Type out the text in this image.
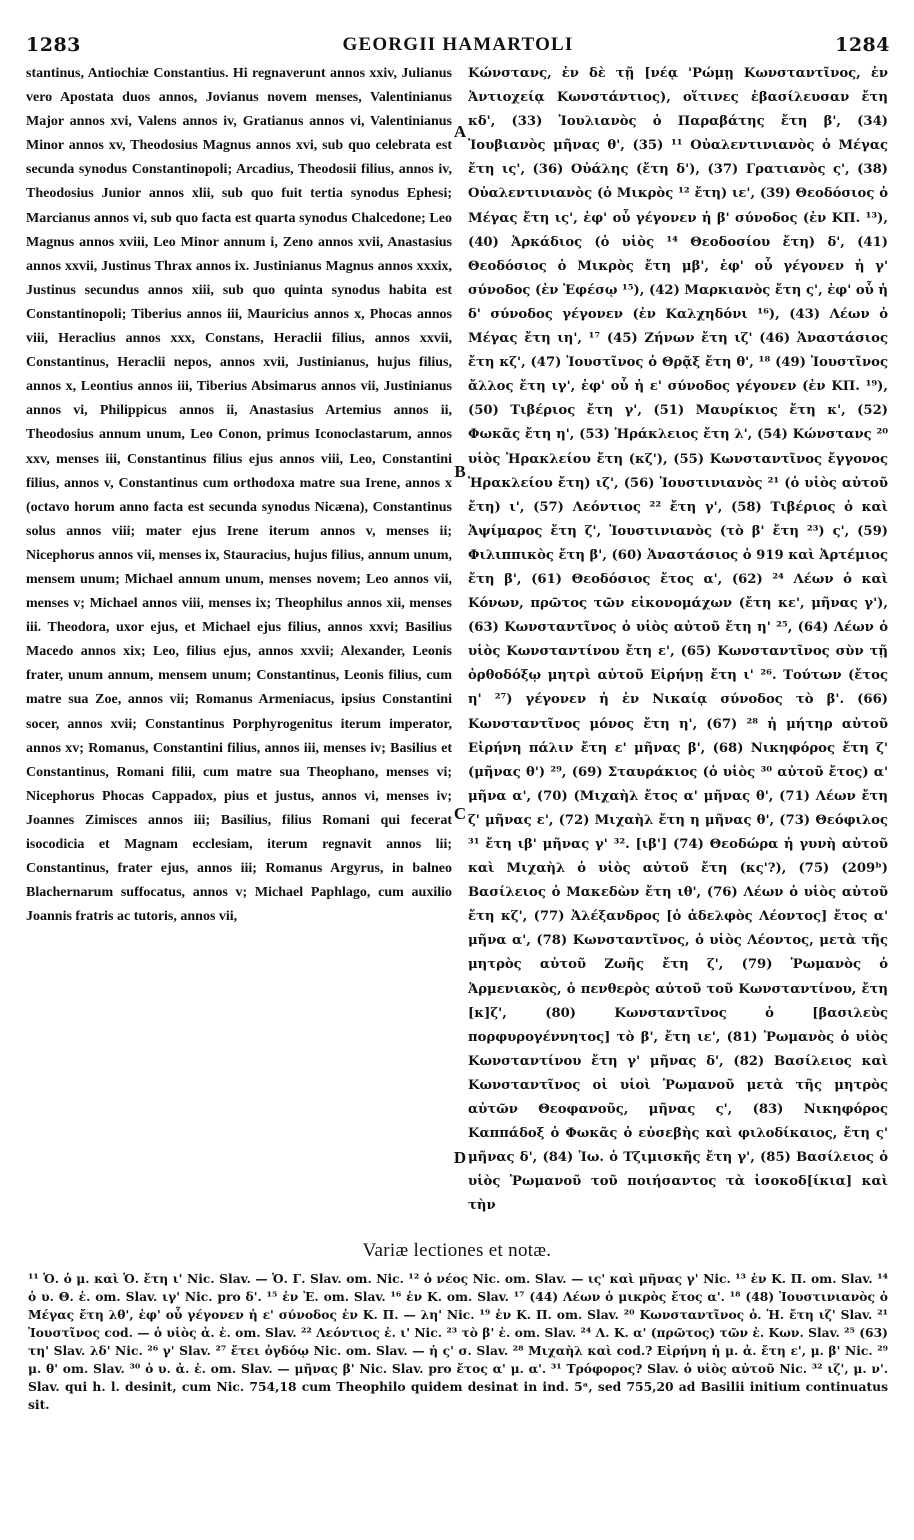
1283	GEORGII HAMARTOLI	1284

stantinus, Antiochiæ Constantius. Hi regnaverunt annos xxiv, Julianus vero Apostata duos annos, Jovianus novem menses, Valentinianus Major annos xvi, Valens annos iv, Gratianus annos vi, Valentinianus Minor annos xv, Theodosius Magnus annos xvi, sub quo celebrata est secunda synodus Constantinopoli; Arcadius, Theodosii filius, annos iv, Theodosius Junior annos xlii, sub quo fuit tertia synodus Ephesi; Marcianus annos vi, sub quo facta est quarta synodus Chalcedone; Leo Magnus annos xviii, Leo Minor annum i, Zeno annos xvii, Anastasius annos xxvii, Justinus Thrax annos ix. Justinianus Magnus annos xxxix, Justinus secundus annos xiii, sub quo quinta synodus habita est Constantinopoli; Tiberius annos iii, Mauricius annos x, Phocas annos viii, Heraclius annos xxx, Constans, Heraclii filius, annos xxvii, Constantinus, Heraclii nepos, annos xvii, Justinianus, hujus filius, annos x, Leontius annos iii, Tiberius Absimarus annos vii, Justinianus annos vi, Philippicus annos ii, Anastasius Artemius annos ii, Theodosius annum unum, Leo Conon, primus Iconoclastarum, annos xxv, menses iii, Constantinus filius ejus annos viii, Leo, Constantini filius, annos v, Constantinus cum orthodoxa matre sua Irene, annos x (octavo horum anno facta est secunda synodus Nicæna), Constantinus solus annos viii; mater ejus Irene iterum annos v, menses ii; Nicephorus annos vii, menses ix, Stauracius, hujus filius, annum unum, mensem unum; Michael annum unum, menses novem; Leo annos vii, menses v; Michael annos viii, menses ix; Theophilus annos xii, menses iii. Theodora, uxor ejus, et Michael ejus filius, annos xxvi; Basilius Macedo annos xix; Leo, filius ejus, annos xxvii; Alexander, Leonis frater, unum annum, mensem unum; Constantinus, Leonis filius, cum matre sua Zoe, annos vii; Romanus Armeniacus, ipsius Constantini socer, annos xvii; Constantinus Porphyrogenitus iterum imperator, annos xv; Romanus, Constantini filius, annos iii, menses iv; Basilius et Constantinus, Romani filii, cum matre sua Theophano, menses vi; Nicephorus Phocas Cappadox, pius et justus, annos vi, menses iv; Joannes Zimisces annos iii; Basilius, filius Romani qui fecerat isocodicia et Magnam ecclesiam, iterum regnavit annos lii; Constantinus, frater ejus, annos iii; Romanus Argyrus, in balneo Blachernarum suffocatus, annos v; Michael Paphlago, cum auxilio Joannis fratris ac tutoris, annos vii,

A
B
C
D

Κώνστανς, ἐν δὲ τῇ [νέᾳ 'Ρώμῃ Κωνσταντῖνος, ἐν Ἀντιοχείᾳ Κωνστάντιος), οἵτινες ἐβασίλευσαν ἔτη κδ', (33) Ἰουλιανὸς ὁ Παραβάτης ἔτη β', (34) Ἰουβιανὸς μῆνας θ', (35) ¹¹ Οὐαλεντινιανὸς ὁ Μέγας ἔτη ις', (36) Οὐάλης (ἔτη δ'), (37) Γρατιανὸς ς', (38) Οὐαλεντινιανὸς (ὁ Μικρὸς ¹² ἔτη) ιε', (39) Θεοδόσιος ὁ Μέγας ἔτη ις', ἐφ' οὗ γέγονεν ἡ β' σύνοδος (ἐν ΚΠ. ¹³), (40) Ἀρκάδιος (ὁ υἱὸς ¹⁴ Θεοδοσίου ἔτη) δ', (41) Θεοδόσιος ὁ Μικρὸς ἔτη μβ', ἐφ' οὗ γέγονεν ἡ γ' σύνοδος (ἐν Ἐφέσῳ ¹⁵), (42) Μαρκιανὸς ἔτη ς', ἐφ' οὗ ἡ δ' σύνοδος γέγονεν (ἐν Καλχηδόνι ¹⁶), (43) Λέων ὁ Μέγας ἔτη ιη', ¹⁷ (45) Ζήνων ἔτη ιζ' (46) Ἀναστάσιος ἔτη κζ', (47) Ἰουστῖνος ὁ Θρᾷξ ἔτη θ', ¹⁸ (49) Ἰουστῖνος ἄλλος ἔτη ιγ', ἐφ' οὗ ἡ ε' σύνοδος γέγονεν (ἐν ΚΠ. ¹⁹), (50) Τιβέριος ἔτη γ', (51) Μαυρίκιος ἔτη κ', (52) Φωκᾶς ἔτη η', (53) Ἡράκλειος ἔτη λ', (54) Κώνστανς ²⁰ υἱὸς Ἡρακλείου ἔτη (κζ'), (55) Κωνσταντῖνος ἔγγονος Ἡρακλείου ἔτη) ιζ', (56) Ἰουστινιανὸς ²¹ (ὁ υἱὸς αὐτοῦ ἔτη) ι', (57) Λεόντιος ²² ἔτη γ', (58) Τιβέριος ὁ καὶ Ἀψίμαρος ἔτη ζ', Ἰουστινιανὸς (τὸ β' ἔτη ²³) ς', (59) Φιλιππικὸς ἔτη β', (60) Ἀναστάσιος ὁ 919 καὶ Ἀρτέμιος ἔτη β', (61) Θεοδόσιος ἔτος α', (62) ²⁴ Λέων ὁ καὶ Κόνων, πρῶτος τῶν εἰκονομάχων (ἔτη κε', μῆνας γ'), (63) Κωνσταντῖνος ὁ υἱὸς αὐτοῦ ἔτη η' ²⁵, (64) Λέων ὁ υἱὸς Κωνσταντίνου ἔτη ε', (65) Κωνσταντῖνος σὺν τῇ ὀρθοδόξῳ μητρὶ αὐτοῦ Εἰρήνῃ ἔτη ι' ²⁶. Τούτων (ἔτος η' ²⁷) γέγονεν ἡ ἐν Νικαίᾳ σύνοδος τὸ β'. (66) Κωνσταντῖνος μόνος ἔτη η', (67) ²⁸ ἡ μήτηρ αὐτοῦ Εἰρήνη πάλιν ἔτη ε' μῆνας β', (68) Νικηφόρος ἔτη ζ' (μῆνας θ') ²⁹, (69) Σταυράκιος (ὁ υἱὸς ³⁰ αὐτοῦ ἔτος) α' μῆνα α', (70) (Μιχαὴλ ἔτος α' μῆνας θ', (71) Λέων ἔτη ζ' μῆνας ε', (72) Μιχαὴλ ἔτη η μῆνας θ', (73) Θεόφιλος ³¹ ἔτη ιβ' μῆνας γ' ³². [ιβ'] (74) Θεοδώρα ἡ γυνὴ αὐτοῦ καὶ Μιχαὴλ ὁ υἱὸς αὐτοῦ ἔτη (κς'?), (75) (209ᵇ) Βασίλειος ὁ Μακεδὼν ἔτη ιθ', (76) Λέων ὁ υἱὸς αὐτοῦ ἔτη κζ', (77) Ἀλέξανδρος [ὁ ἀδελφὸς Λέοντος] ἔτος α' μῆνα α', (78) Κωνσταντῖνος, ὁ υἱὸς Λέοντος, μετὰ τῆς μητρὸς αὐτοῦ Ζωῆς ἔτη ζ', (79) Ῥωμανὸς ὁ Ἀρμενιακὸς, ὁ πενθερὸς αὐτοῦ τοῦ Κωνσταντίνου, ἔτη [κ]ζ', (80) Κωνσταντῖνος ὁ [βασιλεὺς πορφυρογέννητος] τὸ β', ἔτη ιε', (81) Ῥωμανὸς ὁ υἱὸς Κωνσταντίνου ἔτη γ' μῆνας δ', (82) Βασίλειος καὶ Κωνσταντῖνος οἱ υἱοὶ Ῥωμανοῦ μετὰ τῆς μητρὸς αὐτῶν Θεοφανοῦς, μῆνας ς', (83) Νικηφόρος Καππάδοξ ὁ Φωκᾶς ὁ εὐσεβὴς καὶ φιλοδίκαιος, ἔτη ς' μῆνας δ', (84) Ἰω. ὁ Τζιμισκῆς ἔτη γ', (85) Βασίλειος ὁ υἱὸς Ῥωμανοῦ τοῦ ποιήσαντος τὰ ἰσοκοδ[ίκια] καὶ τὴν

Variæ lectiones et notæ.

¹¹ Ὁ. ὁ μ. καὶ Ὁ. ἔτη ι' Nic. Slav. — Ὁ. Γ. Slav. om. Nic. ¹² ὁ νέος Nic. om. Slav. — ις' καὶ μῆνας γ' Nic. ¹³ ἐν Κ. Π. om. Slav. ¹⁴ ὁ υ. Θ. ἐ. om. Slav. ιγ' Nic. pro δ'. ¹⁵ ἐν Ἐ. om. Slav. ¹⁶ ἐν Κ. om. Slav. ¹⁷ (44) Λέων ὁ μικρὸς ἔτος α'. ¹⁸ (48) Ἰουστινιανὸς ὁ Μέγας ἔτη λθ', ἐφ' οὗ γέγονεν ἡ ε' σύνοδος ἐν Κ. Π. — λη' Nic. ¹⁹ ἐν Κ. Π. om. Slav. ²⁰ Κωνσταντῖνος ὁ. Ἡ. ἔτη ιζ' Slav. ²¹ Ἰουστῖνος cod. — ὁ υἱὸς ἀ. ἐ. om. Slav. ²² Λεόντιος ἐ. ι' Nic. ²³ τὸ β' ἐ. om. Slav. ²⁴ Λ. Κ. α' (πρῶτος) τῶν ἐ. Κων. Slav. ²⁵ (63) τη' Slav. λδ' Nic. ²⁶ γ' Slav. ²⁷ ἔτει ὀγδόῳ Nic. om. Slav. — ἡ ς' σ. Slav. ²⁸ Μιχαὴλ καὶ cod.? Εἰρήνη ἡ μ. ἀ. ἔτη ε', μ. β' Nic. ²⁹ μ. θ' om. Slav. ³⁰ ὁ υ. ἀ. ἐ. om. Slav. — μῆνας β' Nic. Slav. pro ἔτος α' μ. α'. ³¹ Τρόφορος? Slav. ὁ υἱὸς αὐτοῦ Nic. ³² ιζ', μ. ν'. Slav. qui h. l. desinit, cum Nic. 754,18 cum Theophilo quidem desinat in ind. 5ᵃ, sed 755,20 ad Basilii initium continuatus sit.
